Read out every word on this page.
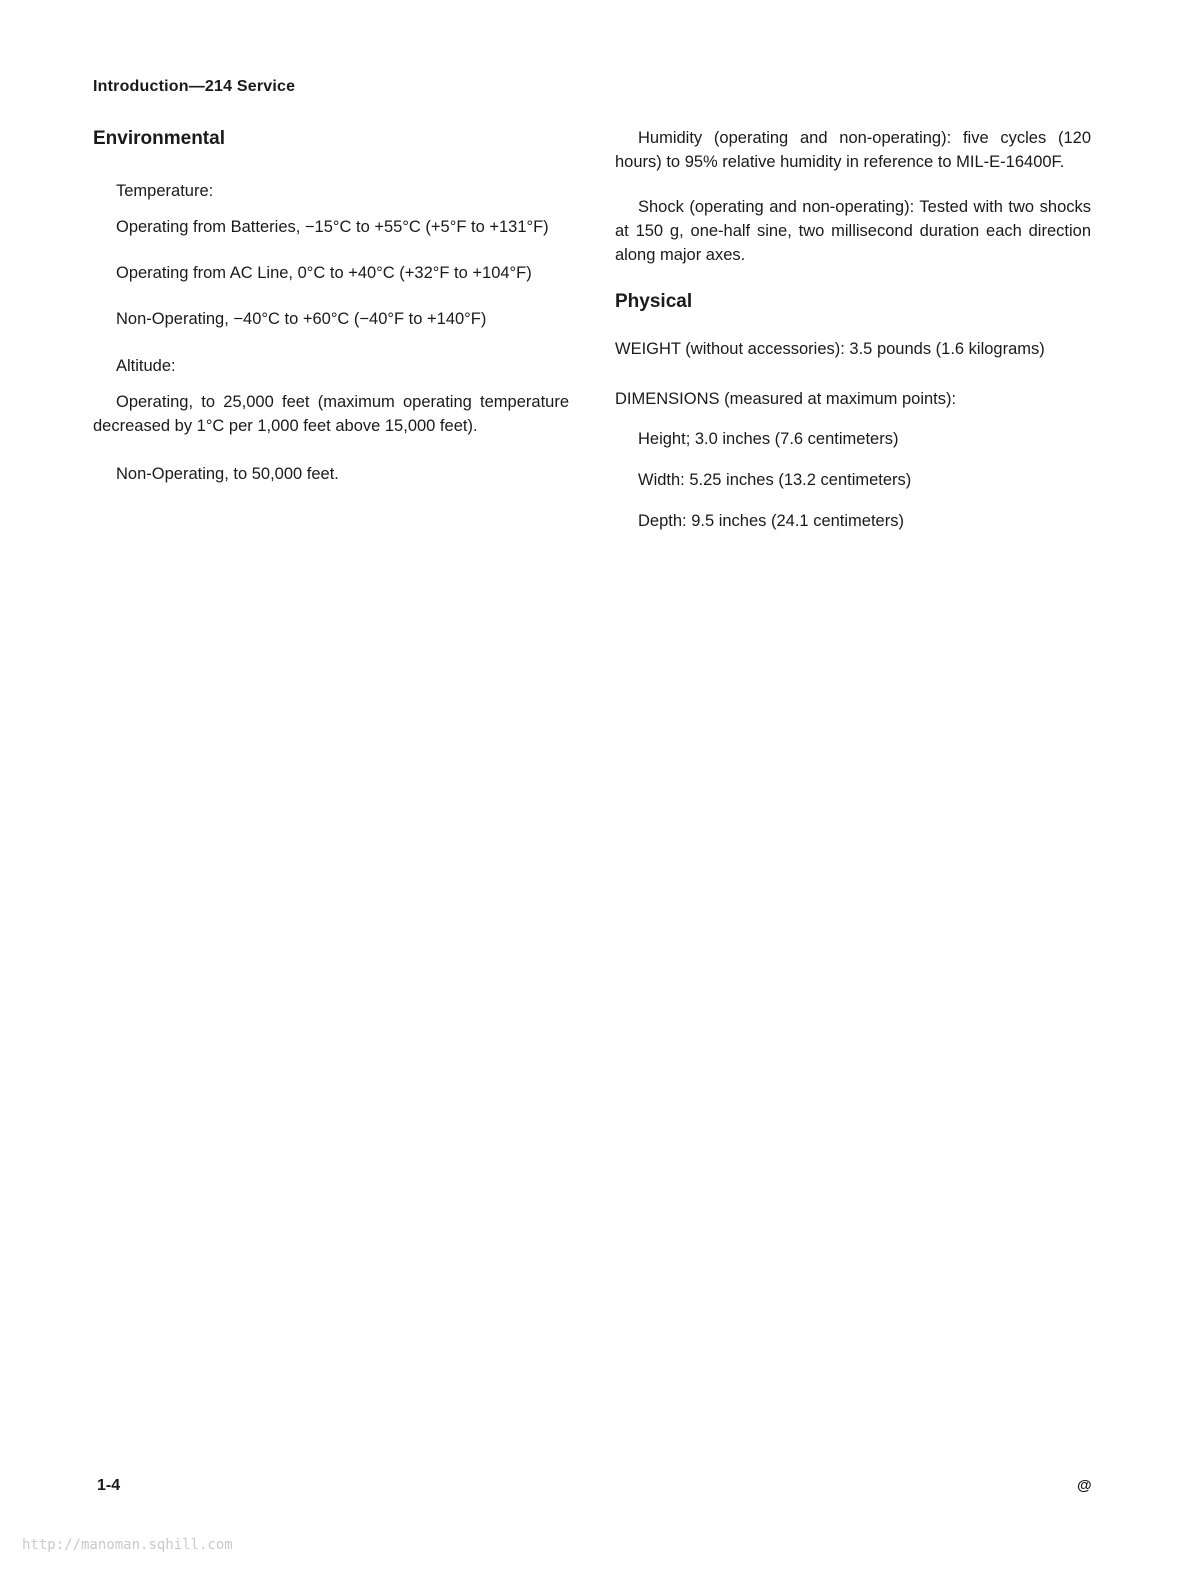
Introduction—214 Service
Environmental

Temperature:

Operating from Batteries, −15°C to +55°C (+5°F to +131°F)

Operating from AC Line, 0°C to +40°C (+32°F to +104°F)

Non-Operating, −40°C to +60°C (−40°F to +140°F)

Altitude:

Operating, to 25,000 feet (maximum operating temperature decreased by 1°C per 1,000 feet above 15,000 feet).

Non-Operating, to 50,000 feet.

Humidity (operating and non-operating): five cycles (120 hours) to 95% relative humidity in reference to MIL-E-16400F.

Shock (operating and non-operating): Tested with two shocks at 150 g, one-half sine, two millisecond duration each direction along major axes.

Physical

WEIGHT (without accessories): 3.5 pounds (1.6 kilograms)

DIMENSIONS (measured at maximum points):

Height; 3.0 inches (7.6 centimeters)

Width: 5.25 inches (13.2 centimeters)

Depth: 9.5 inches (24.1 centimeters)

1-4	@
http://manoman.sqhill.com
